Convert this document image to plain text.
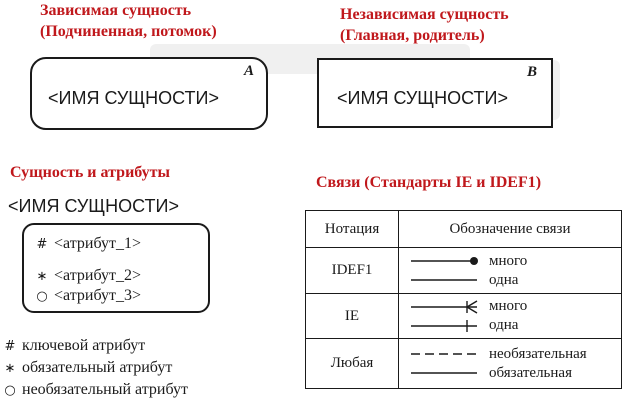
Зависимая сущность
(Подчиненная, потомок)
A
<ИМЯ СУЩНОСТИ>
Независимая сущность
(Главная, родитель)
B
<ИМЯ СУЩНОСТИ>
Сущность и атрибуты
<ИМЯ СУЩНОСТИ>
# <атрибут_1>
∗ <атрибут_2>
○ <атрибут_3>
# ключевой атрибут
∗ обязательный атрибут
○ необязательный атрибут
Связи (Стандарты IE и IDEF1)
Нотация	Обозначение связи
IDEF1	много
одна

IE	много
одна

Любая	необязательная
обязательная
